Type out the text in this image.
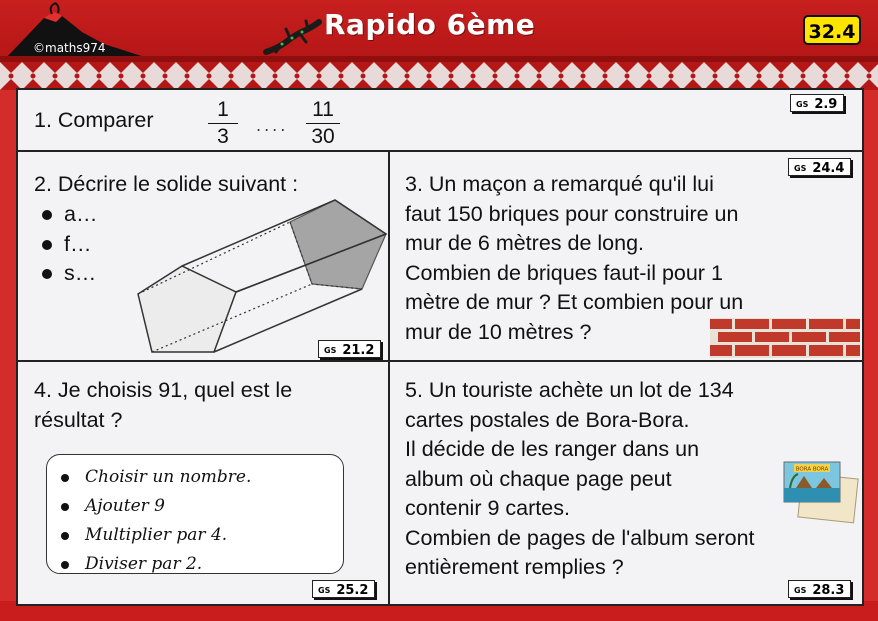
©maths974
Rapido 6ème	32.4

1. Comparer	1
3	....
11
30
GS 2.9

2. Décrire le solide suivant :

a…
f…
s…
GS 21.2
3. Un maçon a remarqué qu'il lui
faut 150 briques pour construire un
mur de 6 mètres de long.
Combien de briques faut-il pour 1
mètre de mur ? Et combien pour un
mur de 10 mètres ?
GS 24.4
4. Je choisis 91, quel est le
résultat ?
Choisir un nombre.
Ajouter 9
Multiplier par 4.
Diviser par 2.
GS 25.2
5. Un touriste achète un lot de 134
cartes postales de Bora-Bora.
Il décide de les ranger dans un
album où chaque page peut
contenir 9 cartes.
Combien de pages de l'album seront
entièrement remplies ?
BORA BORA
GS 28.3
